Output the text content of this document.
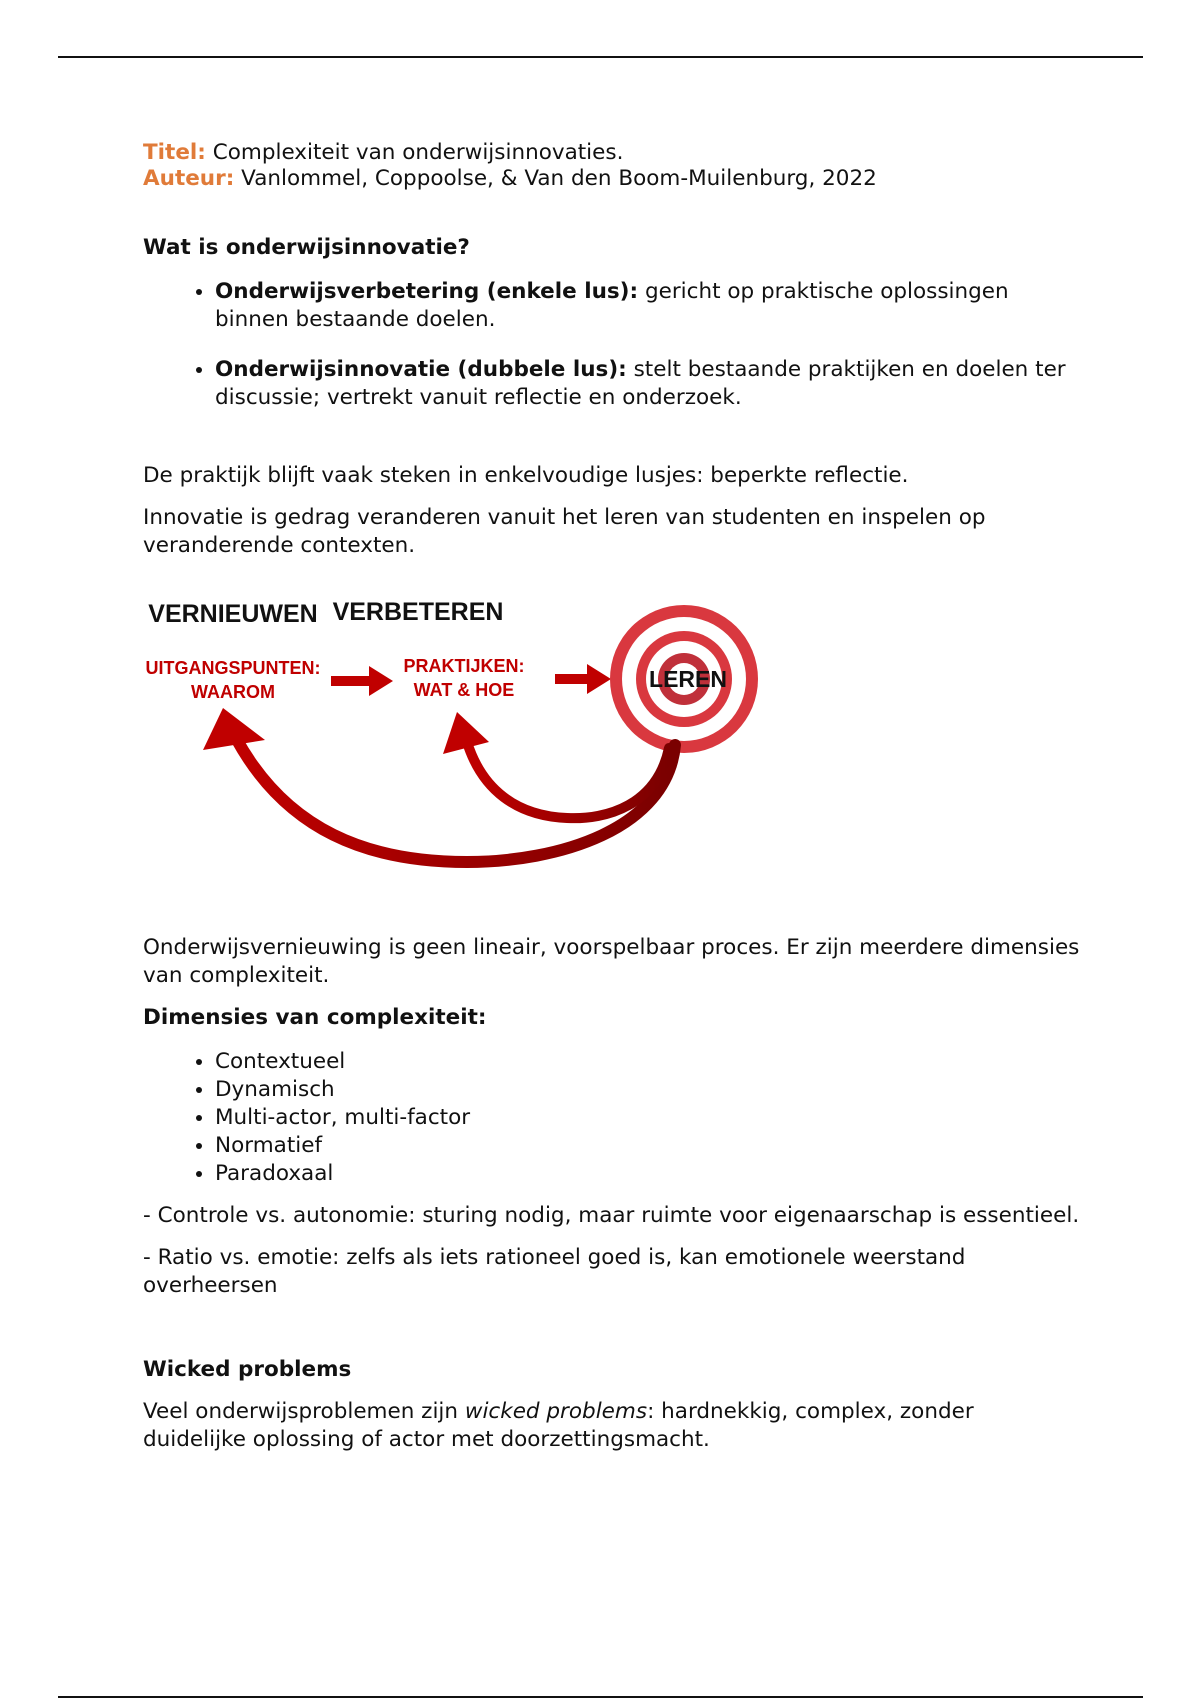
Titel: Complexiteit van onderwijsinnovaties.

Auteur: Vanlommel, Coppoolse, & Van den Boom-Muilenburg, 2022

Wat is onderwijsinnovatie?
• Onderwijsverbetering (enkele lus): gericht op praktische oplossingen binnen bestaande doelen.
• Onderwijsinnovatie (dubbele lus): stelt bestaande praktijken en doelen ter discussie; vertrekt vanuit reflectie en onderzoek.

De praktijk blijft vaak steken in enkelvoudige lusjes: beperkte reflectie.

Innovatie is gedrag veranderen vanuit het leren van studenten en inspelen op veranderende contexten.

VERNIEUWEN VERBETEREN
UITGANGSPUNTEN:
WAAROM
PRAKTIJKEN:
WAT & HOE	LEREN

Onderwijsvernieuwing is geen lineair, voorspelbaar proces. Er zijn meerdere dimensies van complexiteit.

Dimensies van complexiteit:
• Contextueel
• Dynamisch
• Multi-actor, multi-factor
• Normatief
• Paradoxaal

- Controle vs. autonomie: sturing nodig, maar ruimte voor eigenaarschap is essentieel.

- Ratio vs. emotie: zelfs als iets rationeel goed is, kan emotionele weerstand overheersen

Wicked problems

Veel onderwijsproblemen zijn wicked problems: hardnekkig, complex, zonder duidelijke oplossing of actor met doorzettingsmacht.
